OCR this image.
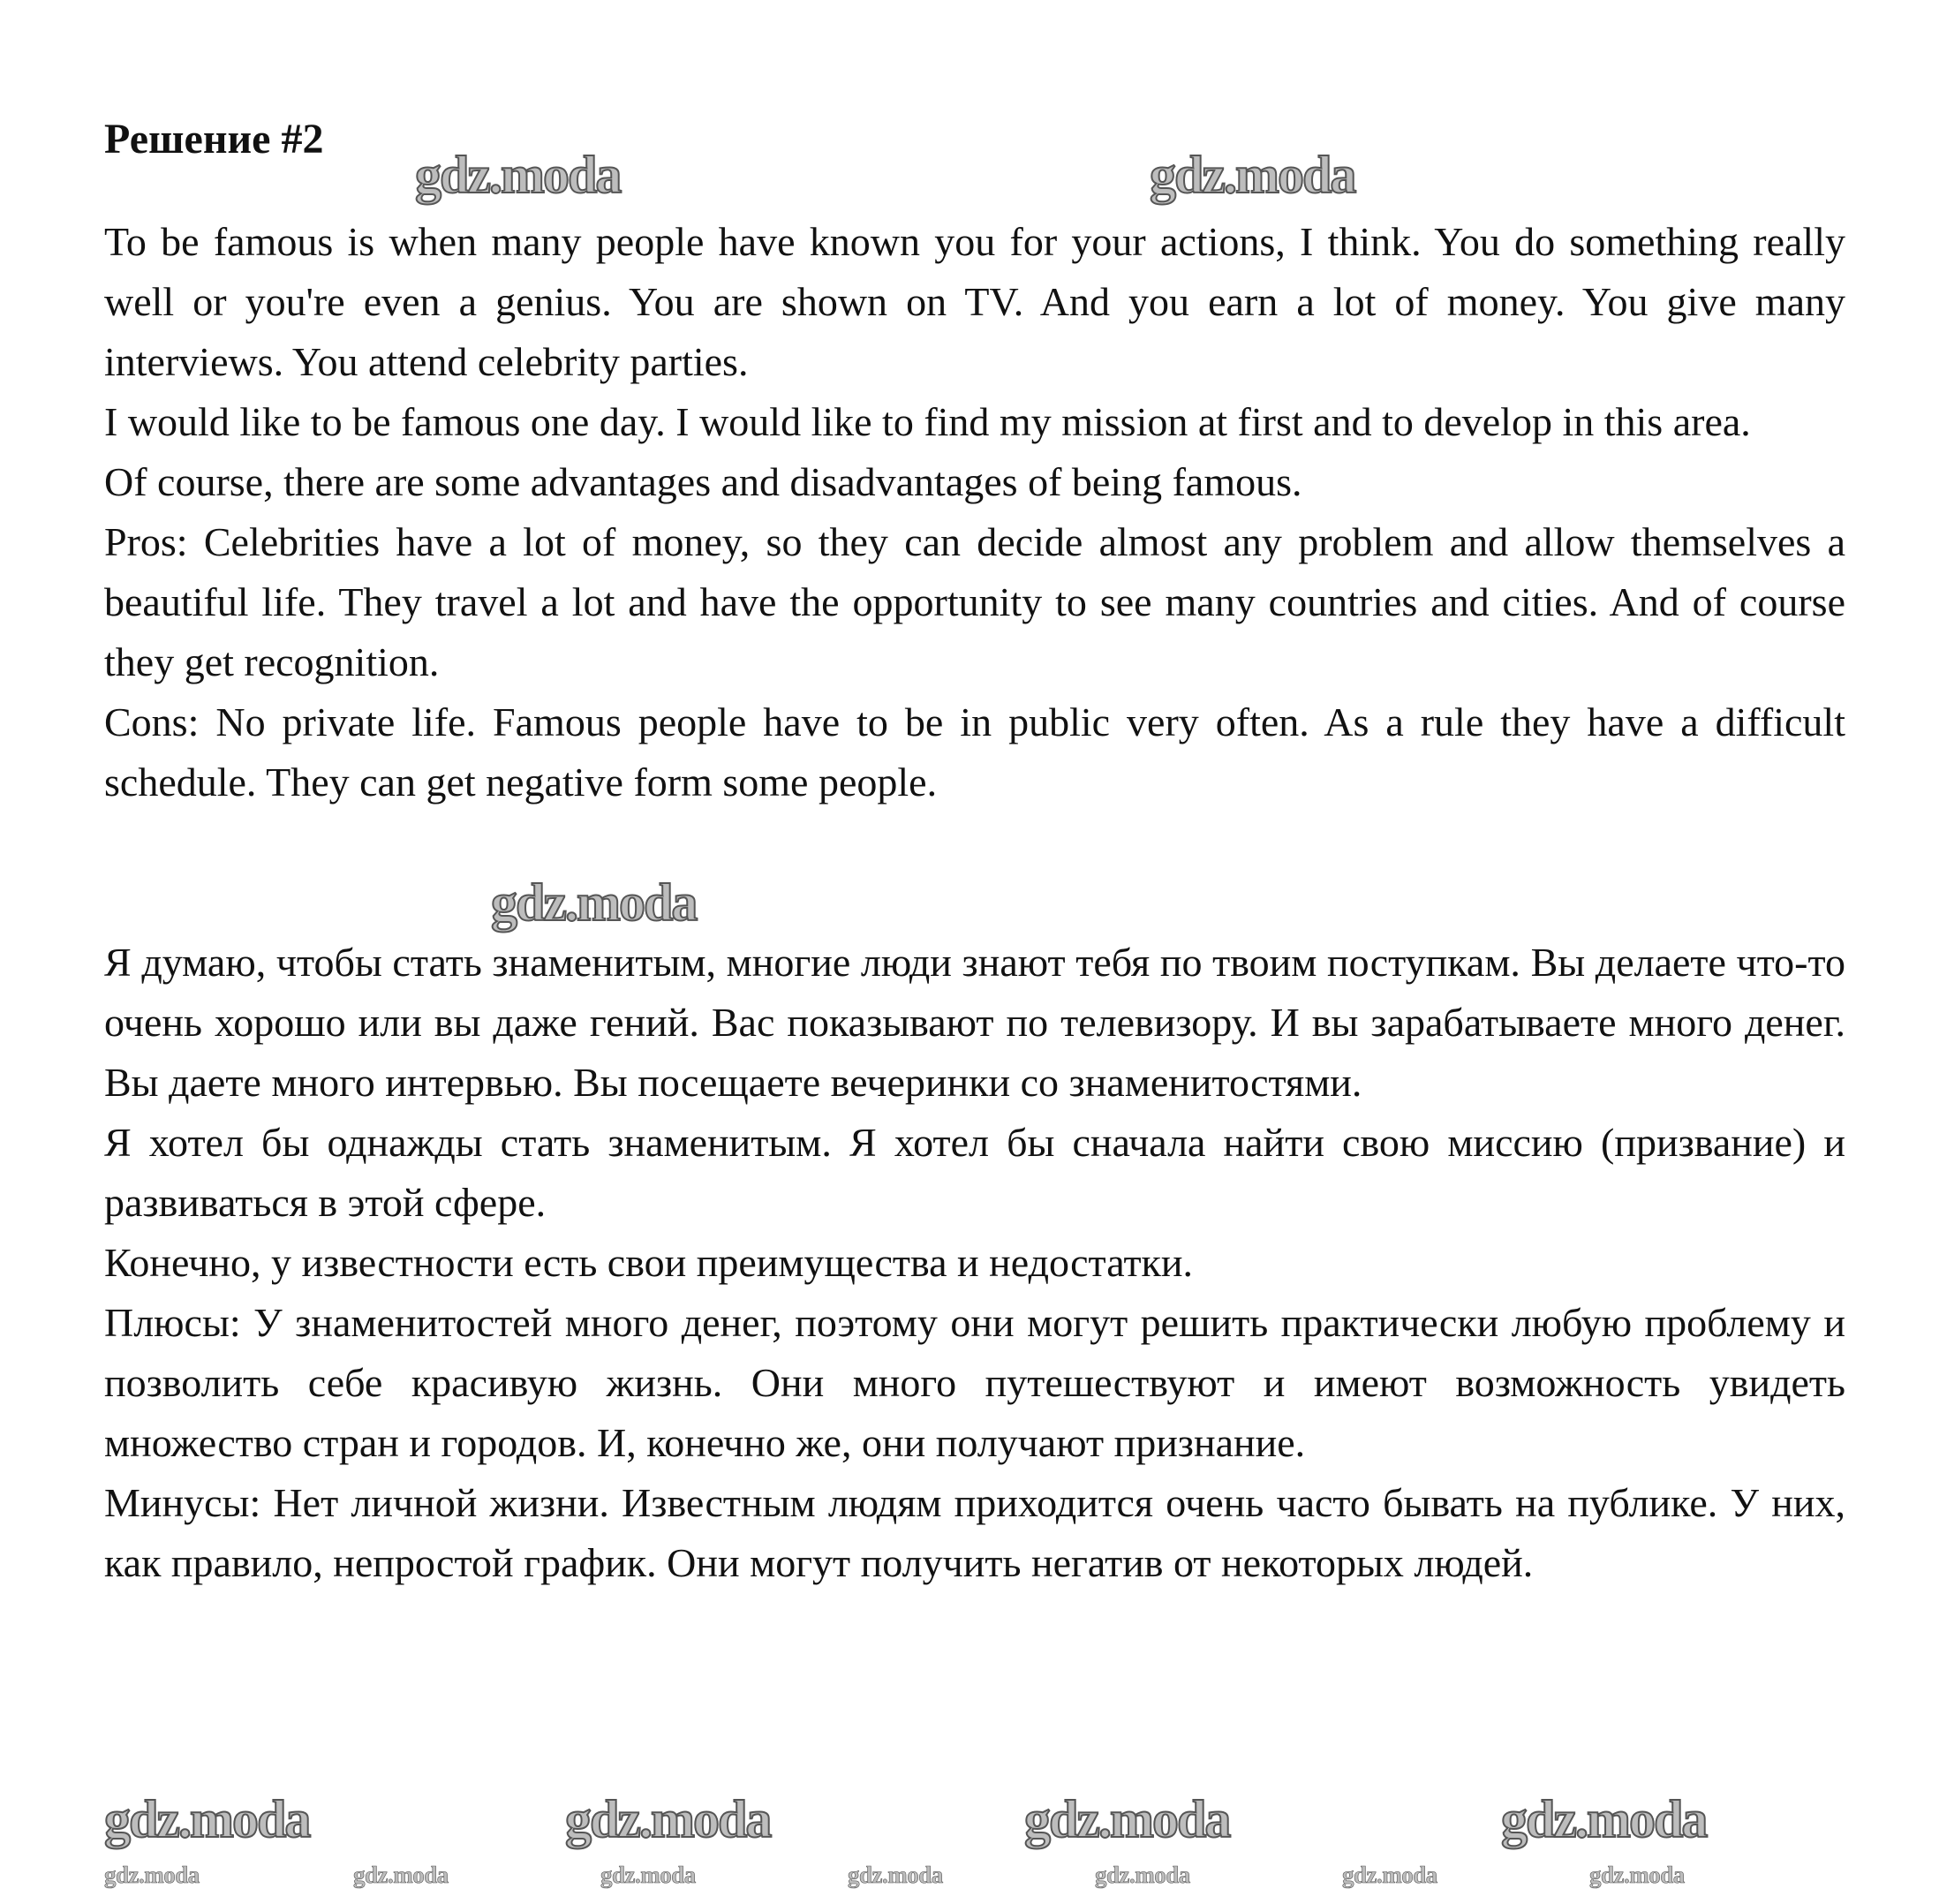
Решение #2

To be famous is when many people have known you for your actions, I think. You do something really well or you're even a genius. You are shown on TV. And you earn a lot of money. You give many interviews. You attend celebrity parties.

I would like to be famous one day. I would like to find my mission at first and to develop in this area.

Of course, there are some advantages and disadvantages of being famous.

Pros: Celebrities have a lot of money, so they can decide almost any problem and allow themselves a beautiful life. They travel a lot and have the opportunity to see many countries and cities. And of course they get recognition.

Cons: No private life. Famous people have to be in public very often. As a rule they have a difficult schedule. They can get negative form some people.

Я думаю, чтобы стать знаменитым, многие люди знают тебя по твоим поступкам. Вы делаете что-то очень хорошо или вы даже гений. Вас показывают по телевизору. И вы зарабатываете много денег. Вы даете много интервью. Вы посещаете вечеринки со знаменитостями.

Я хотел бы однажды стать знаменитым. Я хотел бы сначала найти свою миссию (призвание) и развиваться в этой сфере.

Конечно, у известности есть свои преимущества и недостатки.

Плюсы: У знаменитостей много денег, поэтому они могут решить практически любую проблему и позволить себе красивую жизнь. Они много путешествуют и имеют возможность увидеть множество стран и городов. И, конечно же, они получают признание.

Минусы: Нет личной жизни. Известным людям приходится очень часто бывать на публике. У них, как правило, непростой график. Они могут получить негатив от некоторых людей.

gdz.moda	gdz.moda
gdz.moda
gdz.moda	gdz.moda	gdz.moda	gdz.moda
gdz.moda	gdz.moda	gdz.moda	gdz.moda	gdz.moda	gdz.moda	gdz.moda
